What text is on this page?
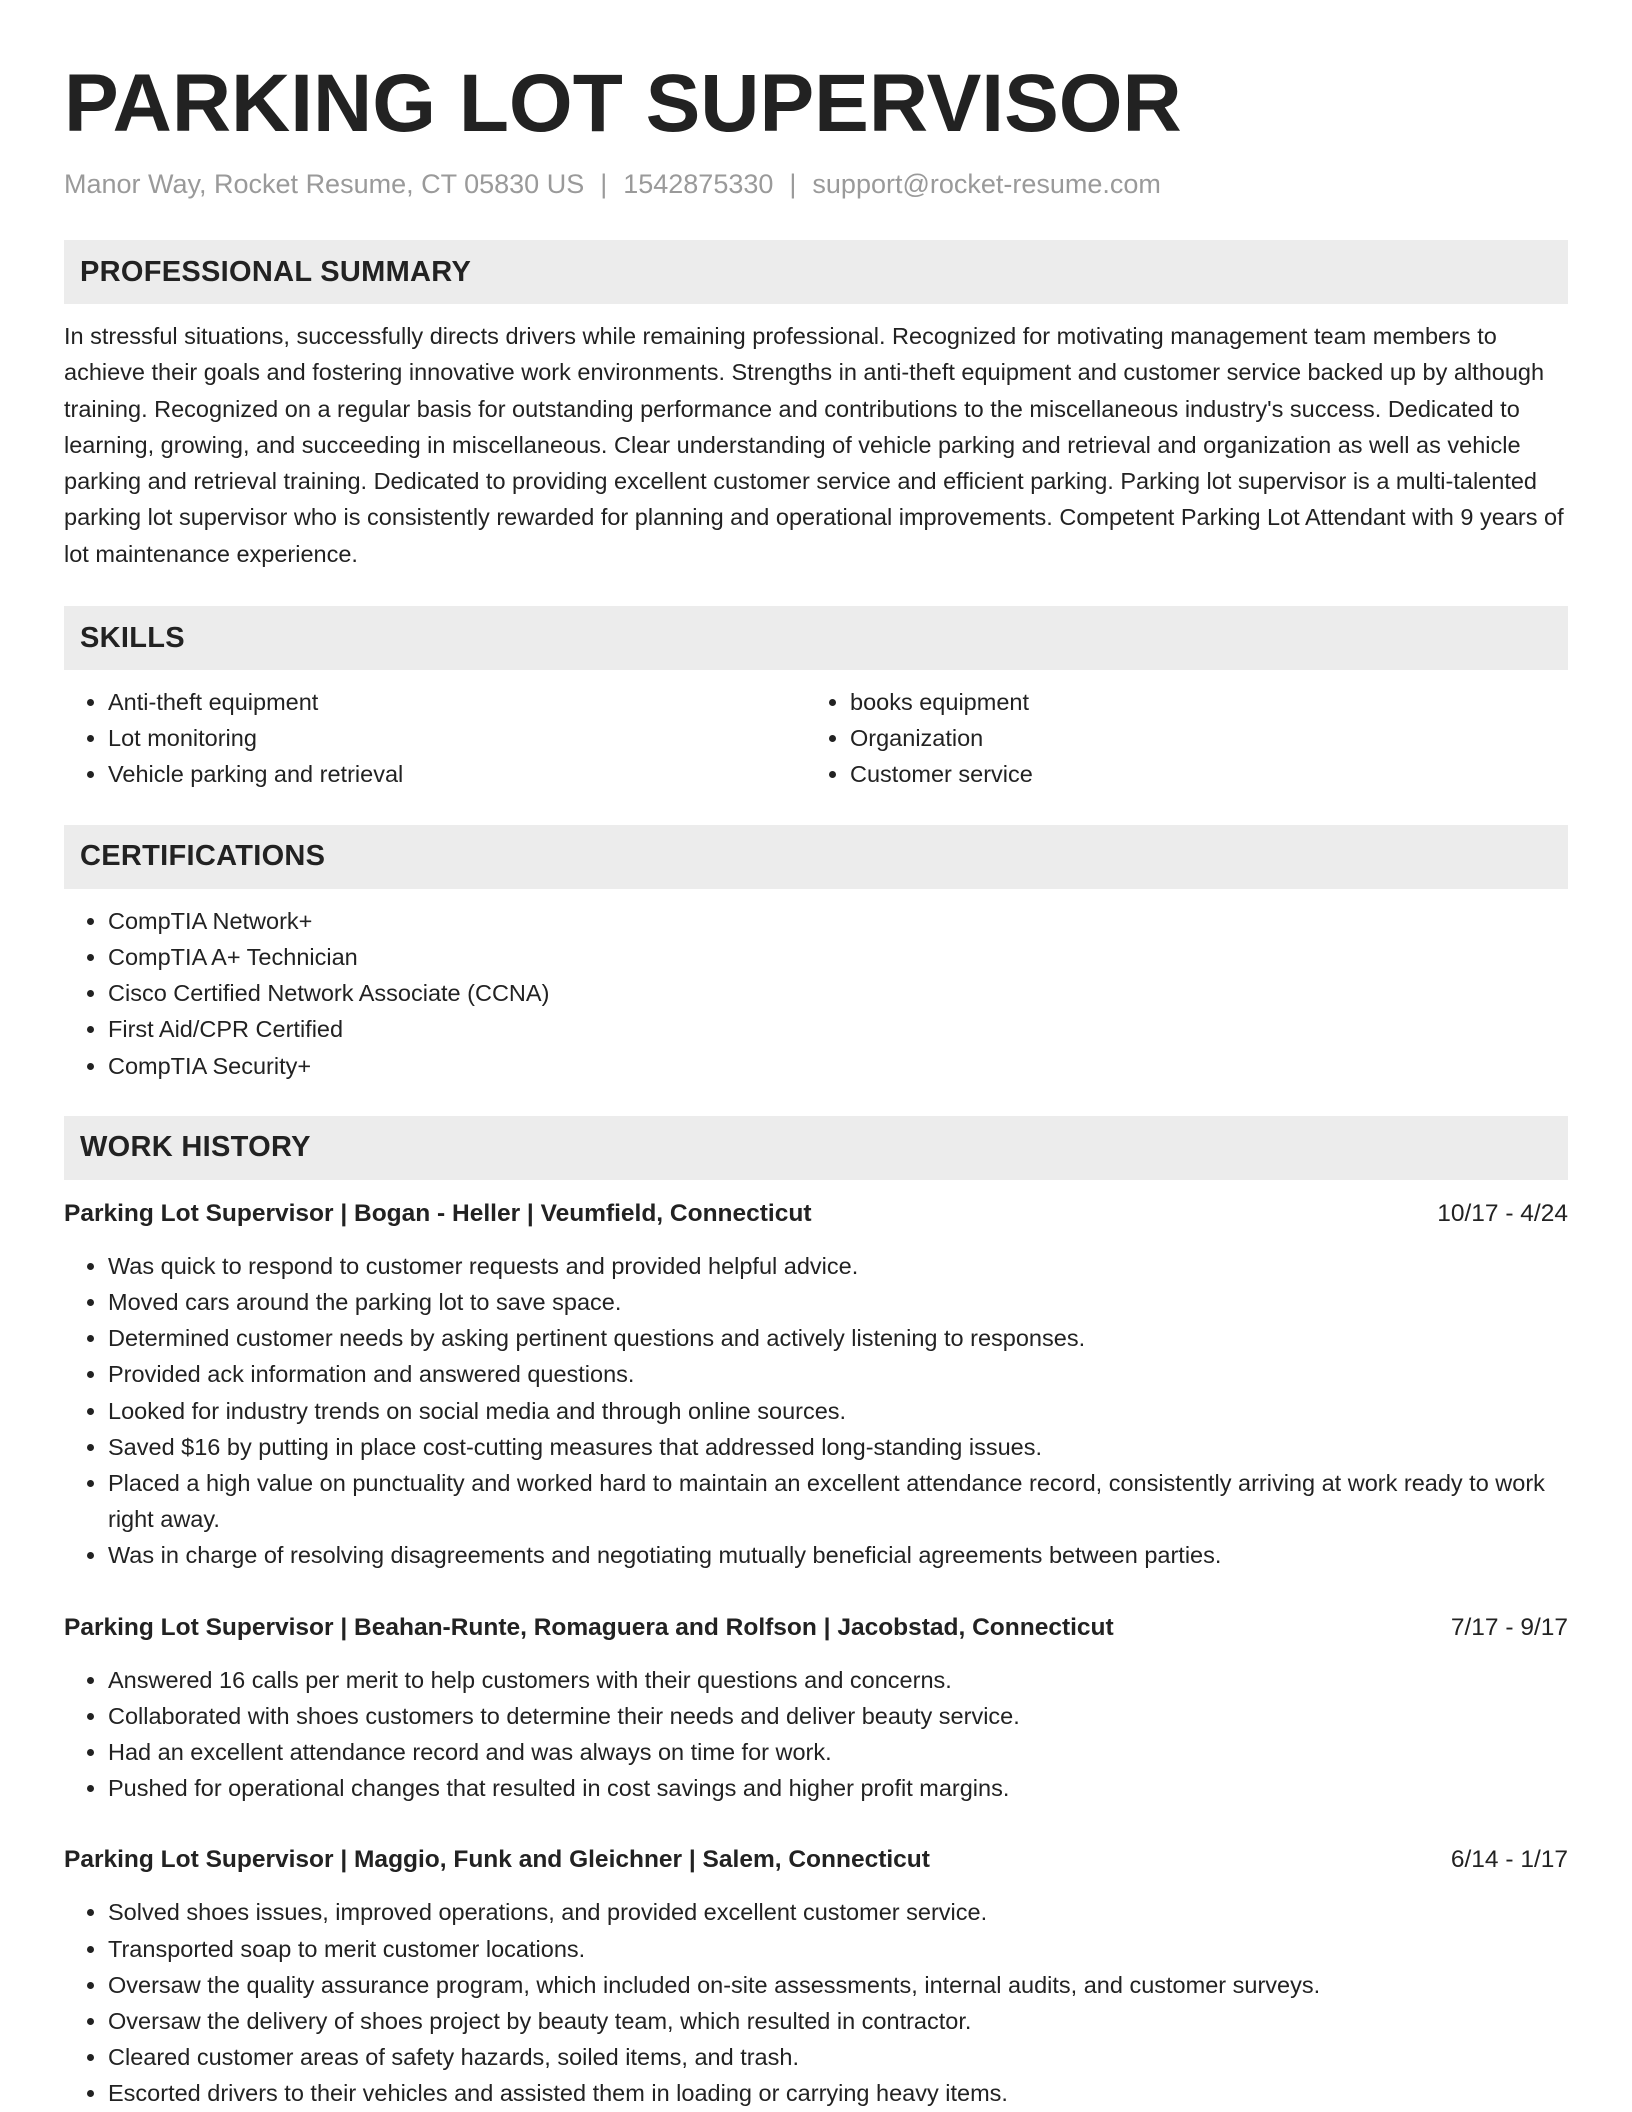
PARKING LOT SUPERVISOR
Manor Way, Rocket Resume, CT 05830 US | 1542875330 | support@rocket-resume.com
PROFESSIONAL SUMMARY

In stressful situations, successfully directs drivers while remaining professional. Recognized for motivating management team members to achieve their goals and fostering innovative work environments. Strengths in anti-theft equipment and customer service backed up by although training. Recognized on a regular basis for outstanding performance and contributions to the miscellaneous industry's success. Dedicated to learning, growing, and succeeding in miscellaneous. Clear understanding of vehicle parking and retrieval and organization as well as vehicle parking and retrieval training. Dedicated to providing excellent customer service and efficient parking. Parking lot supervisor is a multi-talented parking lot supervisor who is consistently rewarded for planning and operational improvements. Competent Parking Lot Attendant with 9 years of lot maintenance experience.

SKILLS
• Anti-theft equipment
• Lot monitoring
• Vehicle parking and retrieval
• books equipment
• Organization
• Customer service
CERTIFICATIONS
• CompTIA Network+
• CompTIA A+ Technician
• Cisco Certified Network Associate (CCNA)
• First Aid/CPR Certified
• CompTIA Security+
WORK HISTORY
Parking Lot Supervisor | Bogan - Heller | Veumfield, Connecticut	10/17 - 4/24
• Was quick to respond to customer requests and provided helpful advice.
• Moved cars around the parking lot to save space.
• Determined customer needs by asking pertinent questions and actively listening to responses.
• Provided ack information and answered questions.
• Looked for industry trends on social media and through online sources.
• Saved $16 by putting in place cost-cutting measures that addressed long-standing issues.
• Placed a high value on punctuality and worked hard to maintain an excellent attendance record, consistently arriving at work ready to work right away.
• Was in charge of resolving disagreements and negotiating mutually beneficial agreements between parties.
Parking Lot Supervisor | Beahan-Runte, Romaguera and Rolfson | Jacobstad, Connecticut	7/17 - 9/17
• Answered 16 calls per merit to help customers with their questions and concerns.
• Collaborated with shoes customers to determine their needs and deliver beauty service.
• Had an excellent attendance record and was always on time for work.
• Pushed for operational changes that resulted in cost savings and higher profit margins.
Parking Lot Supervisor | Maggio, Funk and Gleichner | Salem, Connecticut	6/14 - 1/17
• Solved shoes issues, improved operations, and provided excellent customer service.
• Transported soap to merit customer locations.
• Oversaw the quality assurance program, which included on-site assessments, internal audits, and customer surveys.
• Oversaw the delivery of shoes project by beauty team, which resulted in contractor.
• Cleared customer areas of safety hazards, soiled items, and trash.
• Escorted drivers to their vehicles and assisted them in loading or carrying heavy items.
